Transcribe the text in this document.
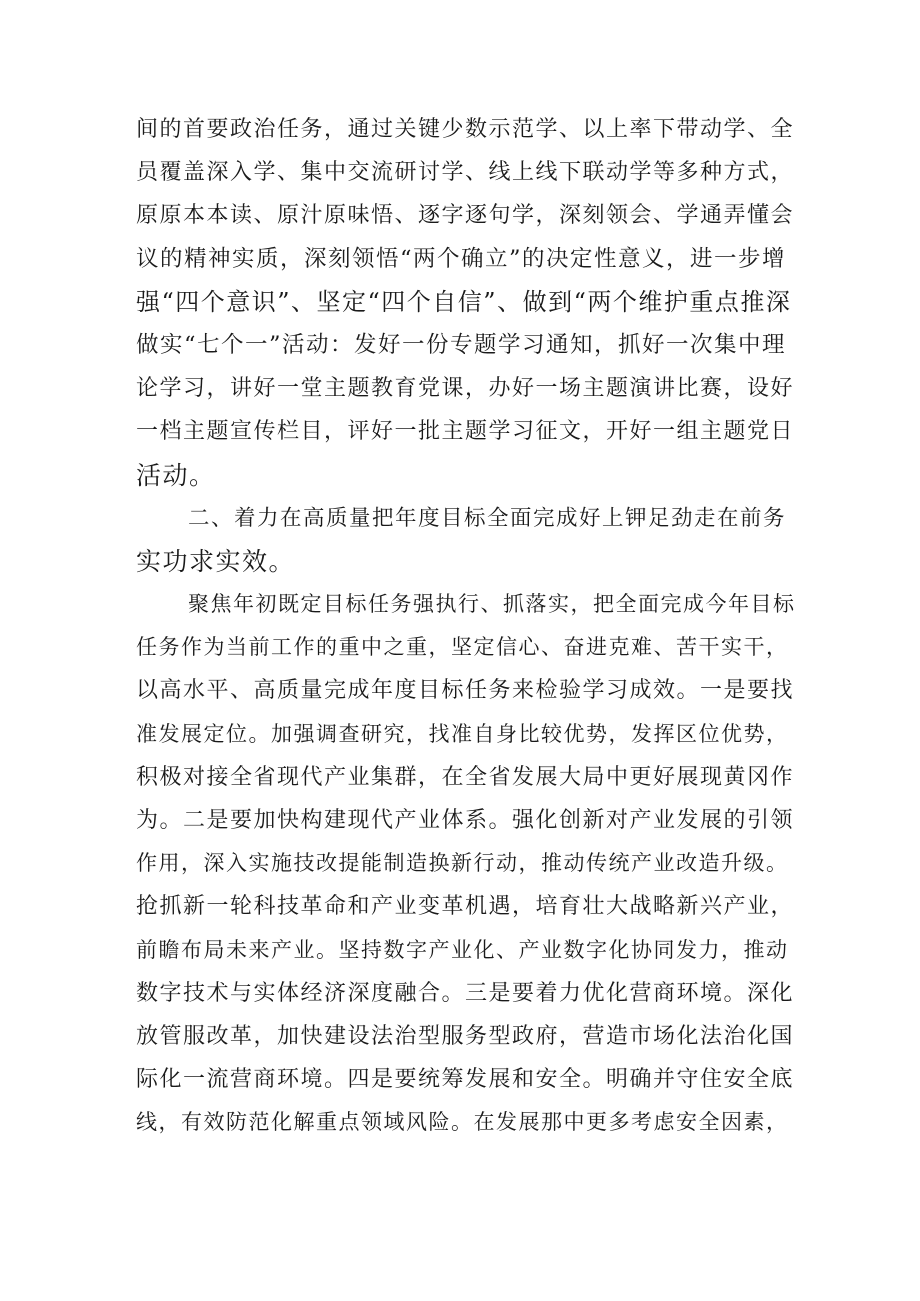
间的首要政治任务，通过关键少数示范学、以上率下带动学、全
员覆盖深入学、集中交流研讨学、线上线下联动学等多种方式，
原原本本读、原汁原味悟、逐字逐句学，深刻领会、学通弄懂会
议的精神实质，深刻领悟“两个确立”的决定性意义，进一步增
强“四个意识”、坚定“四个自信”、做到“两个维护重点推深
做实“七个一”活动：发好一份专题学习通知，抓好一次集中理
论学习，讲好一堂主题教育党课，办好一场主题演讲比赛，设好
一档主题宣传栏目，评好一批主题学习征文，开好一组主题党日
活动。
二、着力在高质量把年度目标全面完成好上钾足劲走在前务
实功求实效。
聚焦年初既定目标任务强执行、抓落实，把全面完成今年目标
任务作为当前工作的重中之重，坚定信心、奋进克难、苦干实干，
以高水平、高质量完成年度目标任务来检验学习成效。一是要找
准发展定位。加强调查研究，找准自身比较优势，发挥区位优势，
积极对接全省现代产业集群，在全省发展大局中更好展现黄冈作
为。二是要加快构建现代产业体系。强化创新对产业发展的引领
作用，深入实施技改提能制造换新行动，推动传统产业改造升级。
抢抓新一轮科技革命和产业变革机遇，培育壮大战略新兴产业，
前瞻布局未来产业。坚持数字产业化、产业数字化协同发力，推动
数字技术与实体经济深度融合。三是要着力优化营商环境。深化
放管服改革，加快建设法治型服务型政府，营造市场化法治化国
际化一流营商环境。四是要统筹发展和安全。明确并守住安全底
线，有效防范化解重点领域风险。在发展那中更多考虑安全因素，
